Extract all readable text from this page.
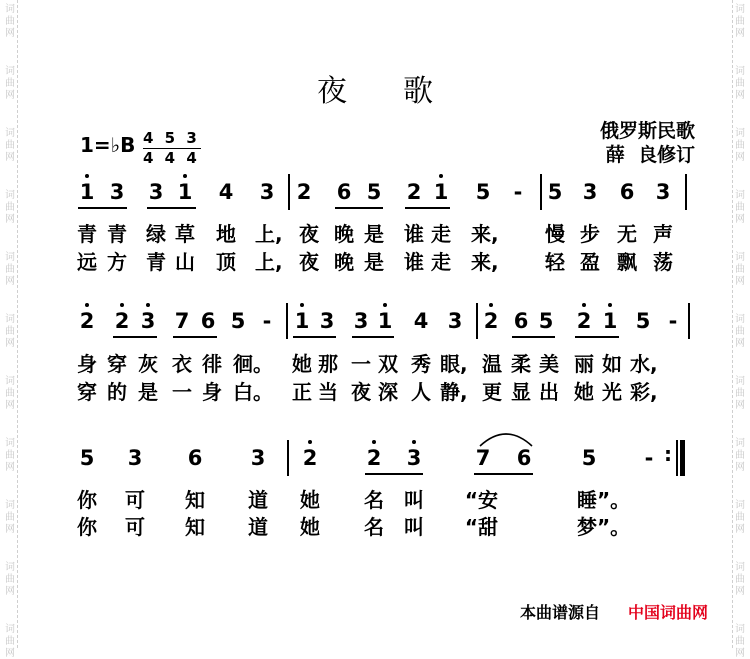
词
曲
网
词
曲
网
词
曲
网
词
曲
网
词
曲
网
词
曲
网
词
曲
网
词
曲
网
词
曲
网
词
曲
网
词
曲
网
词
曲
网
词
曲
网
词
曲
网
词
曲
网
词
曲
网
词
曲
网
词
曲
网
词
曲
网
词
曲
网
词
曲
网
词
曲
网
夜歌
俄罗斯民歌
薛  良修订
1=♭B 4 5 3
4 4 4
1 3 3 1 4 3 2 6 5 2 1 5 - 5 3 6 3
青 青 绿 草 地 上, 夜 晚 是 谁 走 来, 慢 步 无 声
远 方 青 山 顶 上, 夜 晚 是 谁 走 来, 轻 盈 飘 荡
2 2 3 7 6 5 - 1 3 3 1 4 3 2 6 5 2 1 5 -
身 穿 灰 衣 徘 徊。 她 那 一 双 秀 眼, 温 柔 美 丽 如 水,
穿 的 是 一 身 白。 正 当 夜 深 人 静, 更 显 出 她 光 彩,
5 3 6 3 2 2 3	7 6 5 - :
你 可 知 道 她 名 叫	“安	睡”。
你 可 知 道 她 名 叫	“甜	梦”。
本曲谱源自 中国词曲网
